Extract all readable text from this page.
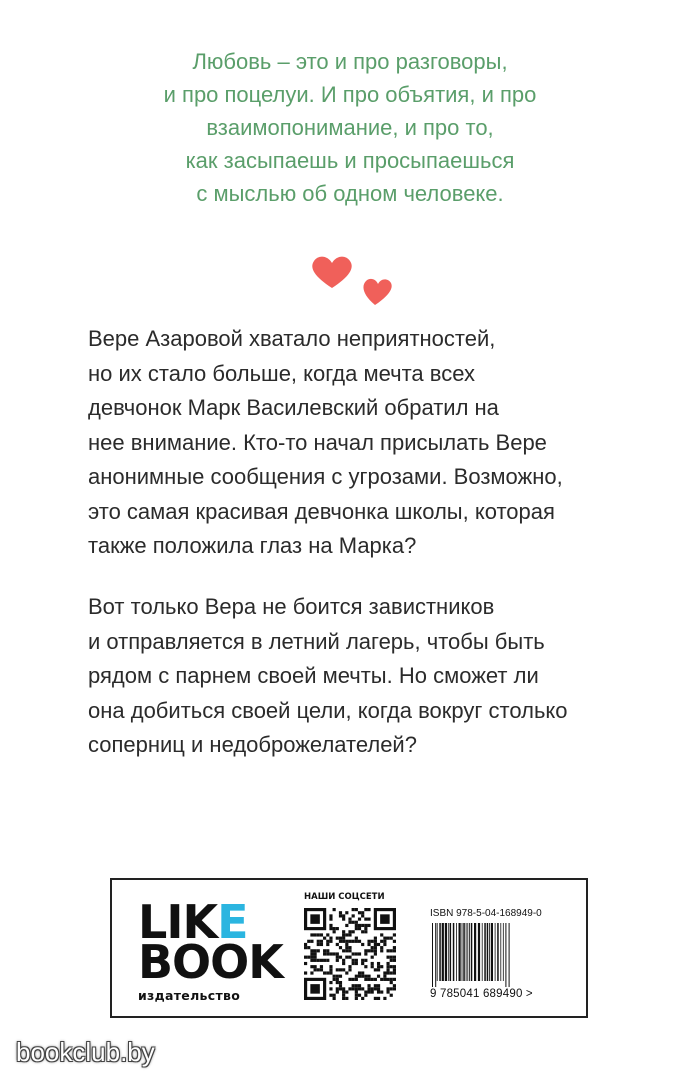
Любовь – это и про разговоры,
и про поцелуи. И про объятия, и про
взаимопонимание, и про то,
как засыпаешь и просыпаешься
с мыслью об одном человеке.
Вере Азаровой хватало неприятностей,
но их стало больше, когда мечта всех
девчонок Марк Василевский обратил на
нее внимание. Кто-то начал присылать Вере
анонимные сообщения с угрозами. Возможно,
это самая красивая девчонка школы, которая
также положила глаз на Марка?
Вот только Вера не боится завистников
и отправляется в летний лагерь, чтобы быть
рядом с парнем своей мечты. Но сможет ли
она добиться своей цели, когда вокруг столько
соперниц и недоброжелателей?
LIKE
BOOK
издательство
НАШИ СОЦСЕТИ
ISBN 978-5-04-168949-0
9 785041 689490 >
bookclub.by
